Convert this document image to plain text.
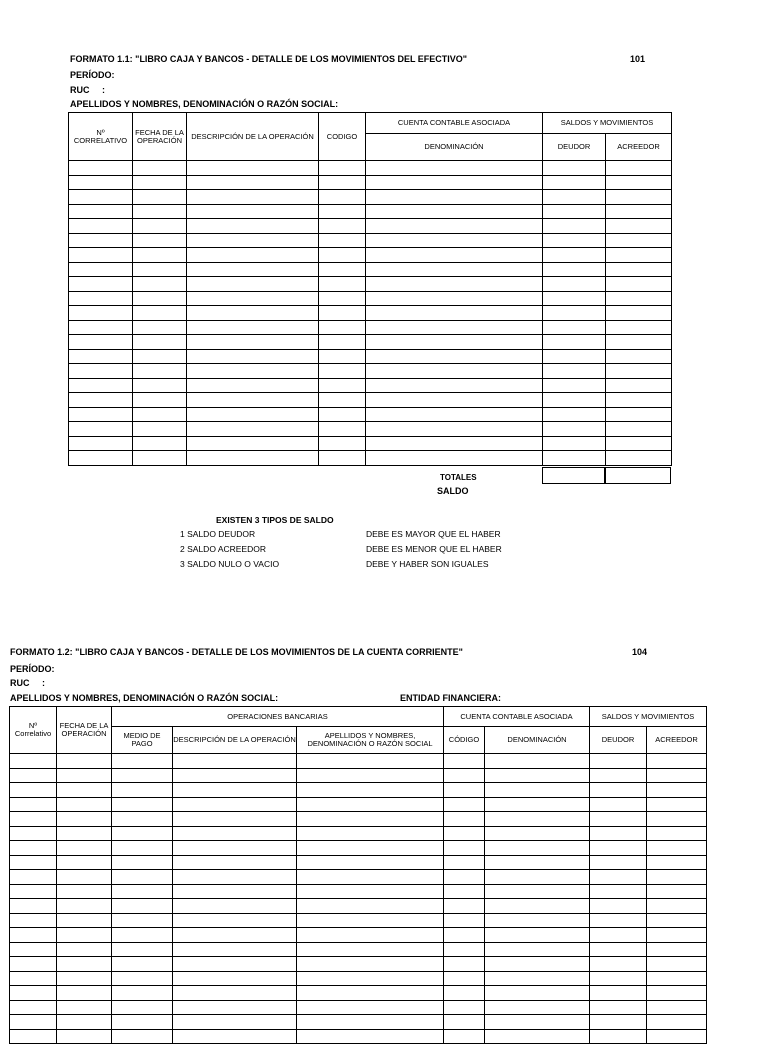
FORMATO 1.1: "LIBRO CAJA Y BANCOS - DETALLE DE LOS MOVIMIENTOS DEL EFECTIVO"	101
PERÍODO:
RUC     :
APELLIDOS Y NOMBRES, DENOMINACIÓN O RAZÓN SOCIAL:
Nº CORRELATIVO	FECHA DE LA OPERACIÓN	DESCRIPCIÓN DE LA OPERACIÓN	CODIGO	CUENTA CONTABLE ASOCIADA	SALDOS Y MOVIMIENTOS	
				DENOMINACIÓN	DEUDOR	ACREEDOR

TOTALES
SALDO
EXISTEN 3 TIPOS DE SALDO
1 SALDO DEUDOR	DEBE ES MAYOR QUE EL HABER
2 SALDO ACREEDOR	DEBE ES MENOR QUE EL HABER
3 SALDO NULO O VACIO	DEBE Y HABER SON IGUALES
FORMATO 1.2: "LIBRO CAJA Y BANCOS - DETALLE DE LOS MOVIMIENTOS DE LA CUENTA CORRIENTE"	104
PERÍODO:
RUC     :
APELLIDOS Y NOMBRES, DENOMINACIÓN O RAZÓN SOCIAL:	ENTIDAD FINANCIERA:
Nº Correlativo	FECHA DE LA OPERACIÓN	OPERACIONES BANCARIAS			CUENTA CONTABLE ASOCIADA		SALDOS Y MOVIMIENTOS	
		MEDIO DE PAGO	DESCRIPCIÓN DE LA OPERACIÓN	APELLIDOS Y NOMBRES, DENOMINACIÓN O RAZÓN SOCIAL	CÓDIGO	DENOMINACIÓN	DEUDOR	ACREEDOR
